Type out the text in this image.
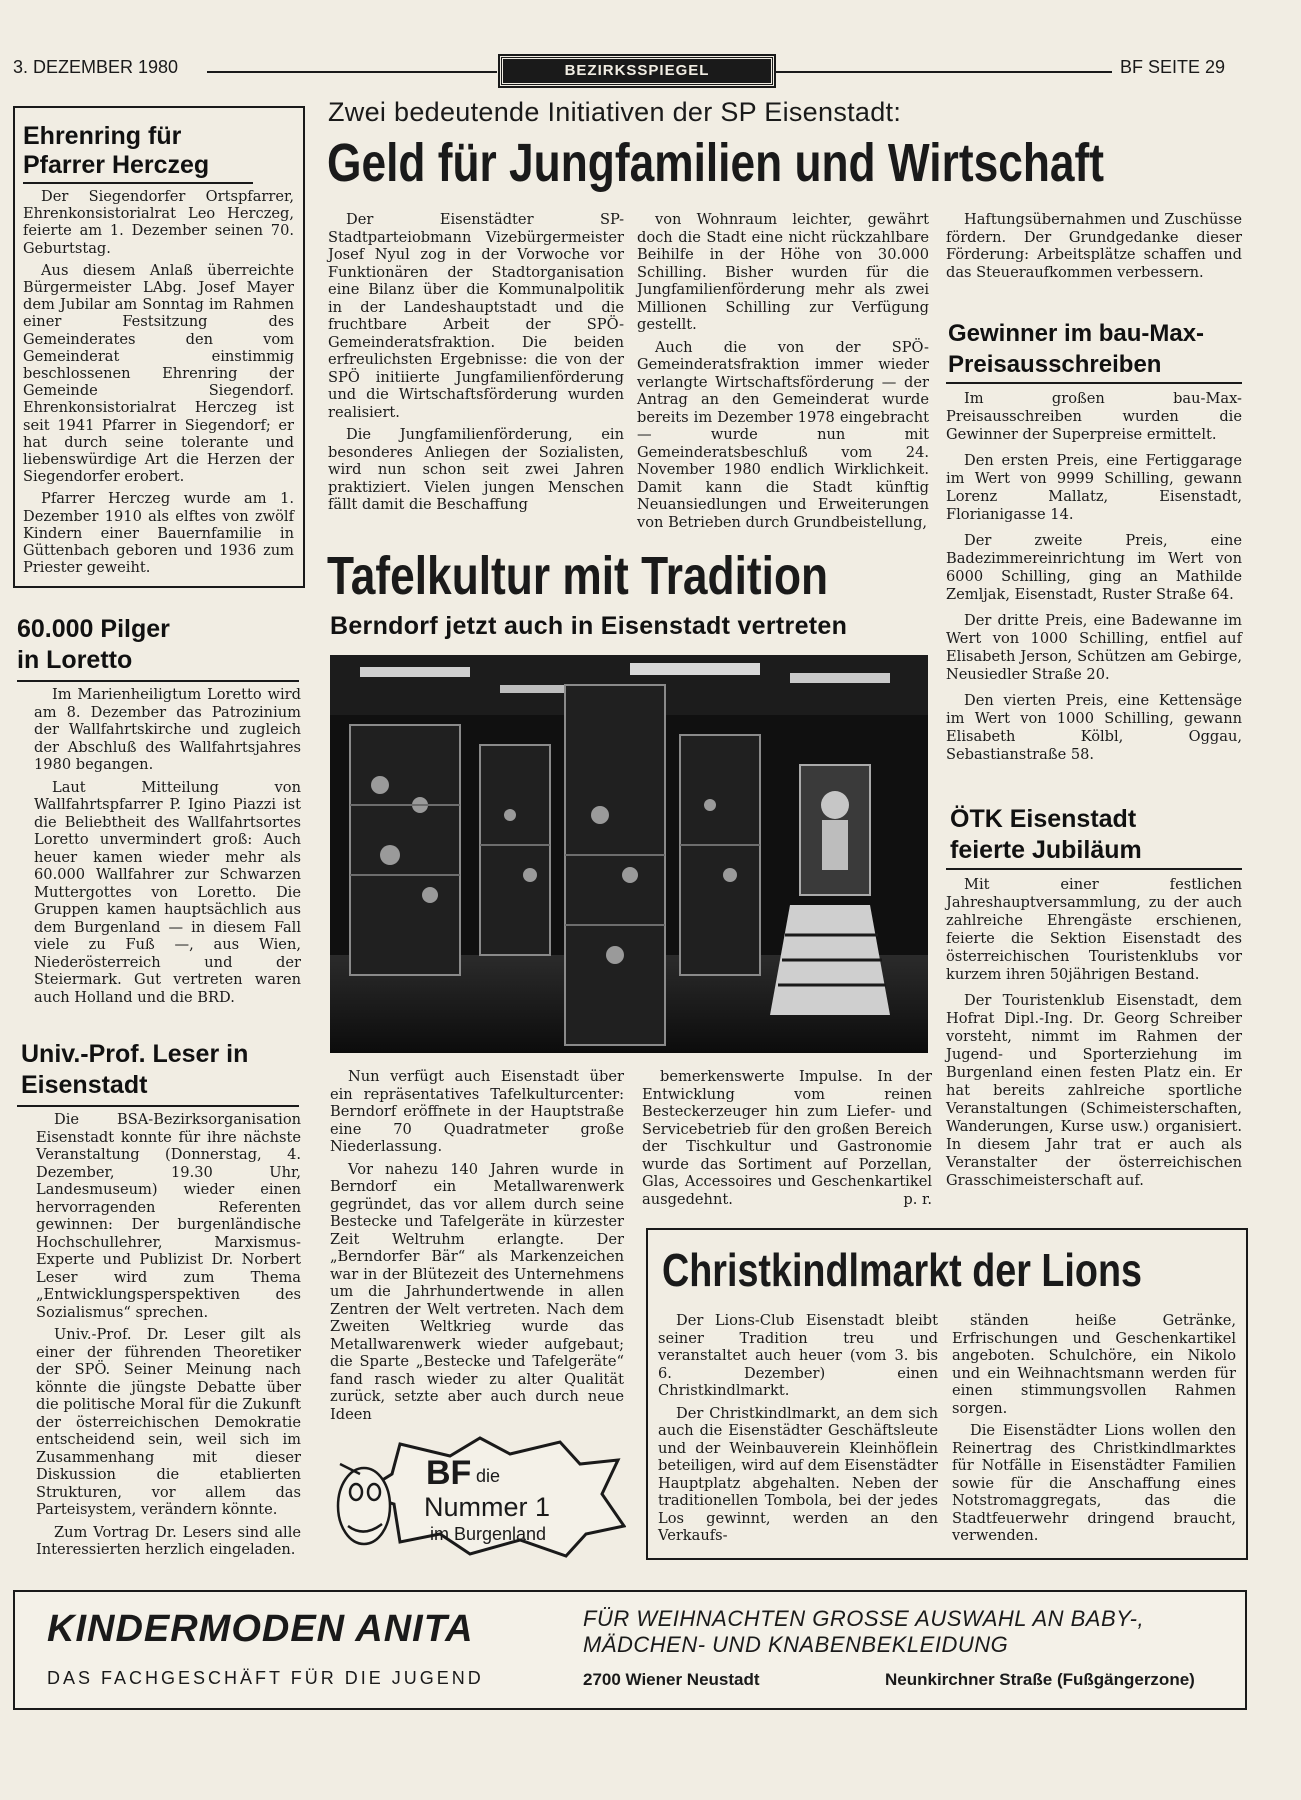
3. DEZEMBER 1980	BEZIRKSSPIEGEL	BF SEITE 29
Ehrenring für Pfarrer Herczeg

Der Siegendorfer Ortspfarrer, Ehrenkonsistorialrat Leo Herczeg, feierte am 1. Dezember seinen 70. Geburtstag.

Aus diesem Anlaß überreichte Bürgermeister LAbg. Josef Mayer dem Jubilar am Sonntag im Rahmen einer Festsitzung des Gemeinderates den vom Gemeinderat einstimmig beschlossenen Ehrenring der Gemeinde Siegendorf. Ehrenkonsistorialrat Herczeg ist seit 1941 Pfarrer in Siegendorf; er hat durch seine tolerante und liebenswürdige Art die Herzen der Siegendorfer erobert.

Pfarrer Herczeg wurde am 1. Dezember 1910 als elftes von zwölf Kindern einer Bauernfamilie in Güttenbach geboren und 1936 zum Priester geweiht.

60.000 Pilger in Loretto

Im Marienheiligtum Loretto wird am 8. Dezember das Patrozinium der Wallfahrtskirche und zugleich der Abschluß des Wallfahrtsjahres 1980 begangen.

Laut Mitteilung von Wallfahrtspfarrer P. Igino Piazzi ist die Beliebtheit des Wallfahrtsortes Loretto unvermindert groß: Auch heuer kamen wieder mehr als 60.000 Wallfahrer zur Schwarzen Muttergottes von Loretto. Die Gruppen kamen hauptsächlich aus dem Burgenland — in diesem Fall viele zu Fuß —, aus Wien, Niederösterreich und der Steiermark. Gut vertreten waren auch Holland und die BRD.

Univ.-Prof. Leser in Eisenstadt

Die BSA-Bezirksorganisation Eisenstadt konnte für ihre nächste Veranstaltung (Donnerstag, 4. Dezember, 19.30 Uhr, Landesmuseum) wieder einen hervorragenden Referenten gewinnen: Der burgenländische Hochschullehrer, Marxismus-Experte und Publizist Dr. Norbert Leser wird zum Thema „Entwicklungsperspektiven des Sozialismus“ sprechen.

Univ.-Prof. Dr. Leser gilt als einer der führenden Theoretiker der SPÖ. Seiner Meinung nach könnte die jüngste Debatte über die politische Moral für die Zukunft der österreichischen Demokratie entscheidend sein, weil sich im Zusammenhang mit dieser Diskussion die etablierten Strukturen, vor allem das Parteisystem, verändern könnte.

Zum Vortrag Dr. Lesers sind alle Interessierten herzlich eingeladen.

Zwei bedeutende Initiativen der SP Eisenstadt:
Geld für Jungfamilien und Wirtschaft

Der Eisenstädter SP-Stadtparteiobmann Vizebürgermeister Josef Nyul zog in der Vorwoche vor Funktionären der Stadtorganisation eine Bilanz über die Kommunalpolitik in der Landeshauptstadt und die fruchtbare Arbeit der SPÖ-Gemeinderatsfraktion. Die beiden erfreulichsten Ergebnisse: die von der SPÖ initiierte Jungfamilienförderung und die Wirtschaftsförderung wurden realisiert.

Die Jungfamilienförderung, ein besonderes Anliegen der Sozialisten, wird nun schon seit zwei Jahren praktiziert. Vielen jungen Menschen fällt damit die Beschaffung

von Wohnraum leichter, gewährt doch die Stadt eine nicht rückzahlbare Beihilfe in der Höhe von 30.000 Schilling. Bisher wurden für die Jungfamilienförderung mehr als zwei Millionen Schilling zur Verfügung gestellt.

Auch die von der SPÖ-Gemeinderatsfraktion immer wieder verlangte Wirtschaftsförderung — der Antrag an den Gemeinderat wurde bereits im Dezember 1978 eingebracht — wurde nun mit Gemeinderatsbeschluß vom 24. November 1980 endlich Wirklichkeit. Damit kann die Stadt künftig Neuansiedlungen und Erweiterungen von Betrieben durch Grundbeistellung,

Haftungsübernahmen und Zuschüsse fördern. Der Grundgedanke dieser Förderung: Arbeitsplätze schaffen und das Steueraufkommen verbessern.

Gewinner im bau-Max-Preisausschreiben

Im großen bau-Max-Preisausschreiben wurden die Gewinner der Superpreise ermittelt.

Den ersten Preis, eine Fertiggarage im Wert von 9999 Schilling, gewann Lorenz Mallatz, Eisenstadt, Florianigasse 14.

Der zweite Preis, eine Badezimmereinrichtung im Wert von 6000 Schilling, ging an Mathilde Zemljak, Eisenstadt, Ruster Straße 64.

Der dritte Preis, eine Badewanne im Wert von 1000 Schilling, entfiel auf Elisabeth Jerson, Schützen am Gebirge, Neusiedler Straße 20.

Den vierten Preis, eine Kettensäge im Wert von 1000 Schilling, gewann Elisabeth Kölbl, Oggau, Sebastianstraße 58.

Tafelkultur mit Tradition
Berndorf jetzt auch in Eisenstadt vertreten

Nun verfügt auch Eisenstadt über ein repräsentatives Tafelkulturcenter: Berndorf eröffnete in der Hauptstraße eine 70 Quadratmeter große Niederlassung.

Vor nahezu 140 Jahren wurde in Berndorf ein Metallwarenwerk gegründet, das vor allem durch seine Bestecke und Tafelgeräte in kürzester Zeit Weltruhm erlangte. Der „Berndorfer Bär“ als Markenzeichen war in der Blütezeit des Unternehmens um die Jahrhundertwende in allen Zentren der Welt vertreten. Nach dem Zweiten Weltkrieg wurde das Metallwarenwerk wieder aufgebaut; die Sparte „Bestecke und Tafelgeräte“ fand rasch wieder zu alter Qualität zurück, setzte aber auch durch neue Ideen

bemerkenswerte Impulse. In der Entwicklung vom reinen Besteckerzeuger hin zum Liefer- und Servicebetrieb für den großen Bereich der Tischkultur und Gastronomie wurde das Sortiment auf Porzellan, Glas, Accessoires und Geschenkartikel ausgedehnt.	p. r.
BF die
Nummer 1
im Burgenland
ÖTK Eisenstadt feierte Jubiläum

Mit einer festlichen Jahreshauptversammlung, zu der auch zahlreiche Ehrengäste erschienen, feierte die Sektion Eisenstadt des österreichischen Touristenklubs vor kurzem ihren 50jährigen Bestand.

Der Touristenklub Eisenstadt, dem Hofrat Dipl.-Ing. Dr. Georg Schreiber vorsteht, nimmt im Rahmen der Jugend- und Sporterziehung im Burgenland einen festen Platz ein. Er hat bereits zahlreiche sportliche Veranstaltungen (Schimeisterschaften, Wanderungen, Kurse usw.) organisiert. In diesem Jahr trat er auch als Veranstalter der österreichischen Grasschimeisterschaft auf.

Christkindlmarkt der Lions

Der Lions-Club Eisenstadt bleibt seiner Tradition treu und veranstaltet auch heuer (vom 3. bis 6. Dezember) einen Christkindlmarkt.

Der Christkindlmarkt, an dem sich auch die Eisenstädter Geschäftsleute und der Weinbauverein Kleinhöflein beteiligen, wird auf dem Eisenstädter Hauptplatz abgehalten. Neben der traditionellen Tombola, bei der jedes Los gewinnt, werden an den Verkaufs-

ständen heiße Getränke, Erfrischungen und Geschenkartikel angeboten. Schulchöre, ein Nikolo und ein Weihnachtsmann werden für einen stimmungsvollen Rahmen sorgen.

Die Eisenstädter Lions wollen den Reinertrag des Christkindlmarktes für Notfälle in Eisenstädter Familien sowie für die Anschaffung eines Notstromaggregats, das die Stadtfeuerwehr dringend braucht, verwenden.

KINDERMODEN ANITA
DAS FACHGESCHÄFT FÜR DIE JUGEND
FÜR WEIHNACHTEN GROSSE AUSWAHL AN BABY-,
MÄDCHEN- UND KNABENBEKLEIDUNG
2700 Wiener Neustadt	Neunkirchner Straße (Fußgängerzone)
